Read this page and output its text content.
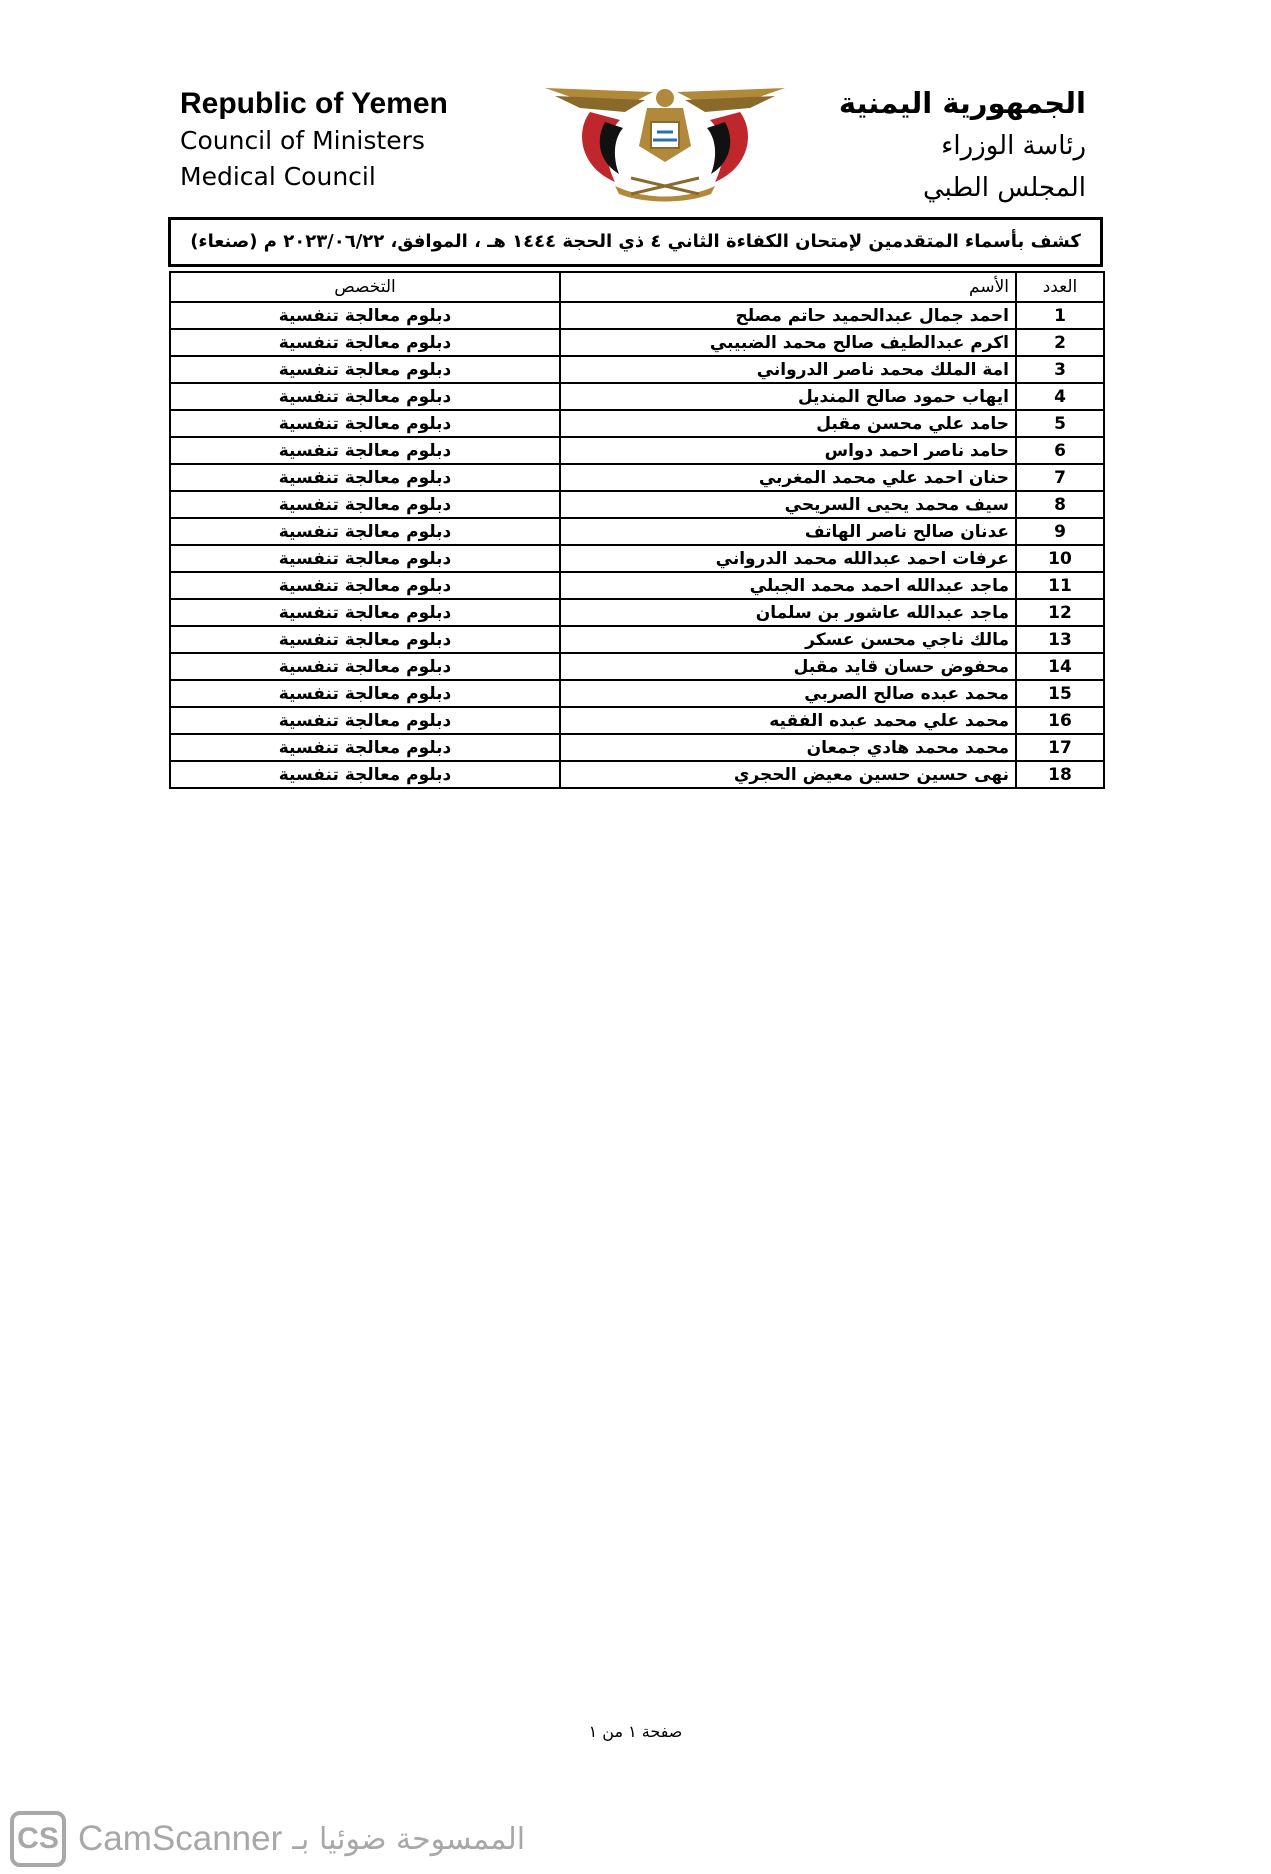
Republic of Yemen
Council of Ministers
Medical Council
الجمهورية اليمنية
رئاسة الوزراء
المجلس الطبي
كشف بأسماء المتقدمين لإمتحان الكفاءة الثاني ٤ ذي الحجة ١٤٤٤ هـ ، الموافق، ٢٠٢٣/٠٦/٢٢ م (صنعاء)
العدد	الأسم	التخصص
1	احمد جمال عبدالحميد حاتم مصلح	دبلوم معالجة تنفسية
2	اكرم عبدالطيف صالح محمد الضبيبي	دبلوم معالجة تنفسية
3	امة الملك محمد ناصر الدرواني	دبلوم معالجة تنفسية
4	ايهاب حمود صالح المنديل	دبلوم معالجة تنفسية
5	حامد علي محسن مقبل	دبلوم معالجة تنفسية
6	حامد ناصر احمد دواس	دبلوم معالجة تنفسية
7	حنان احمد علي محمد المغربي	دبلوم معالجة تنفسية
8	سيف محمد يحيى السريحي	دبلوم معالجة تنفسية
9	عدنان صالح ناصر الهاتف	دبلوم معالجة تنفسية
10	عرفات احمد عبدالله محمد الدرواني	دبلوم معالجة تنفسية
11	ماجد عبدالله احمد محمد الجبلي	دبلوم معالجة تنفسية
12	ماجد عبدالله عاشور بن سلمان	دبلوم معالجة تنفسية
13	مالك ناجي محسن عسكر	دبلوم معالجة تنفسية
14	محفوض حسان قايد مقبل	دبلوم معالجة تنفسية
15	محمد عبده صالح الصربي	دبلوم معالجة تنفسية
16	محمد علي محمد عبده الفقيه	دبلوم معالجة تنفسية
17	محمد محمد هادي جمعان	دبلوم معالجة تنفسية
18	نهى حسين حسين معيض الحجري	دبلوم معالجة تنفسية
صفحة ١ من ١
CS CamScanner الممسوحة ضوئيا بـ
